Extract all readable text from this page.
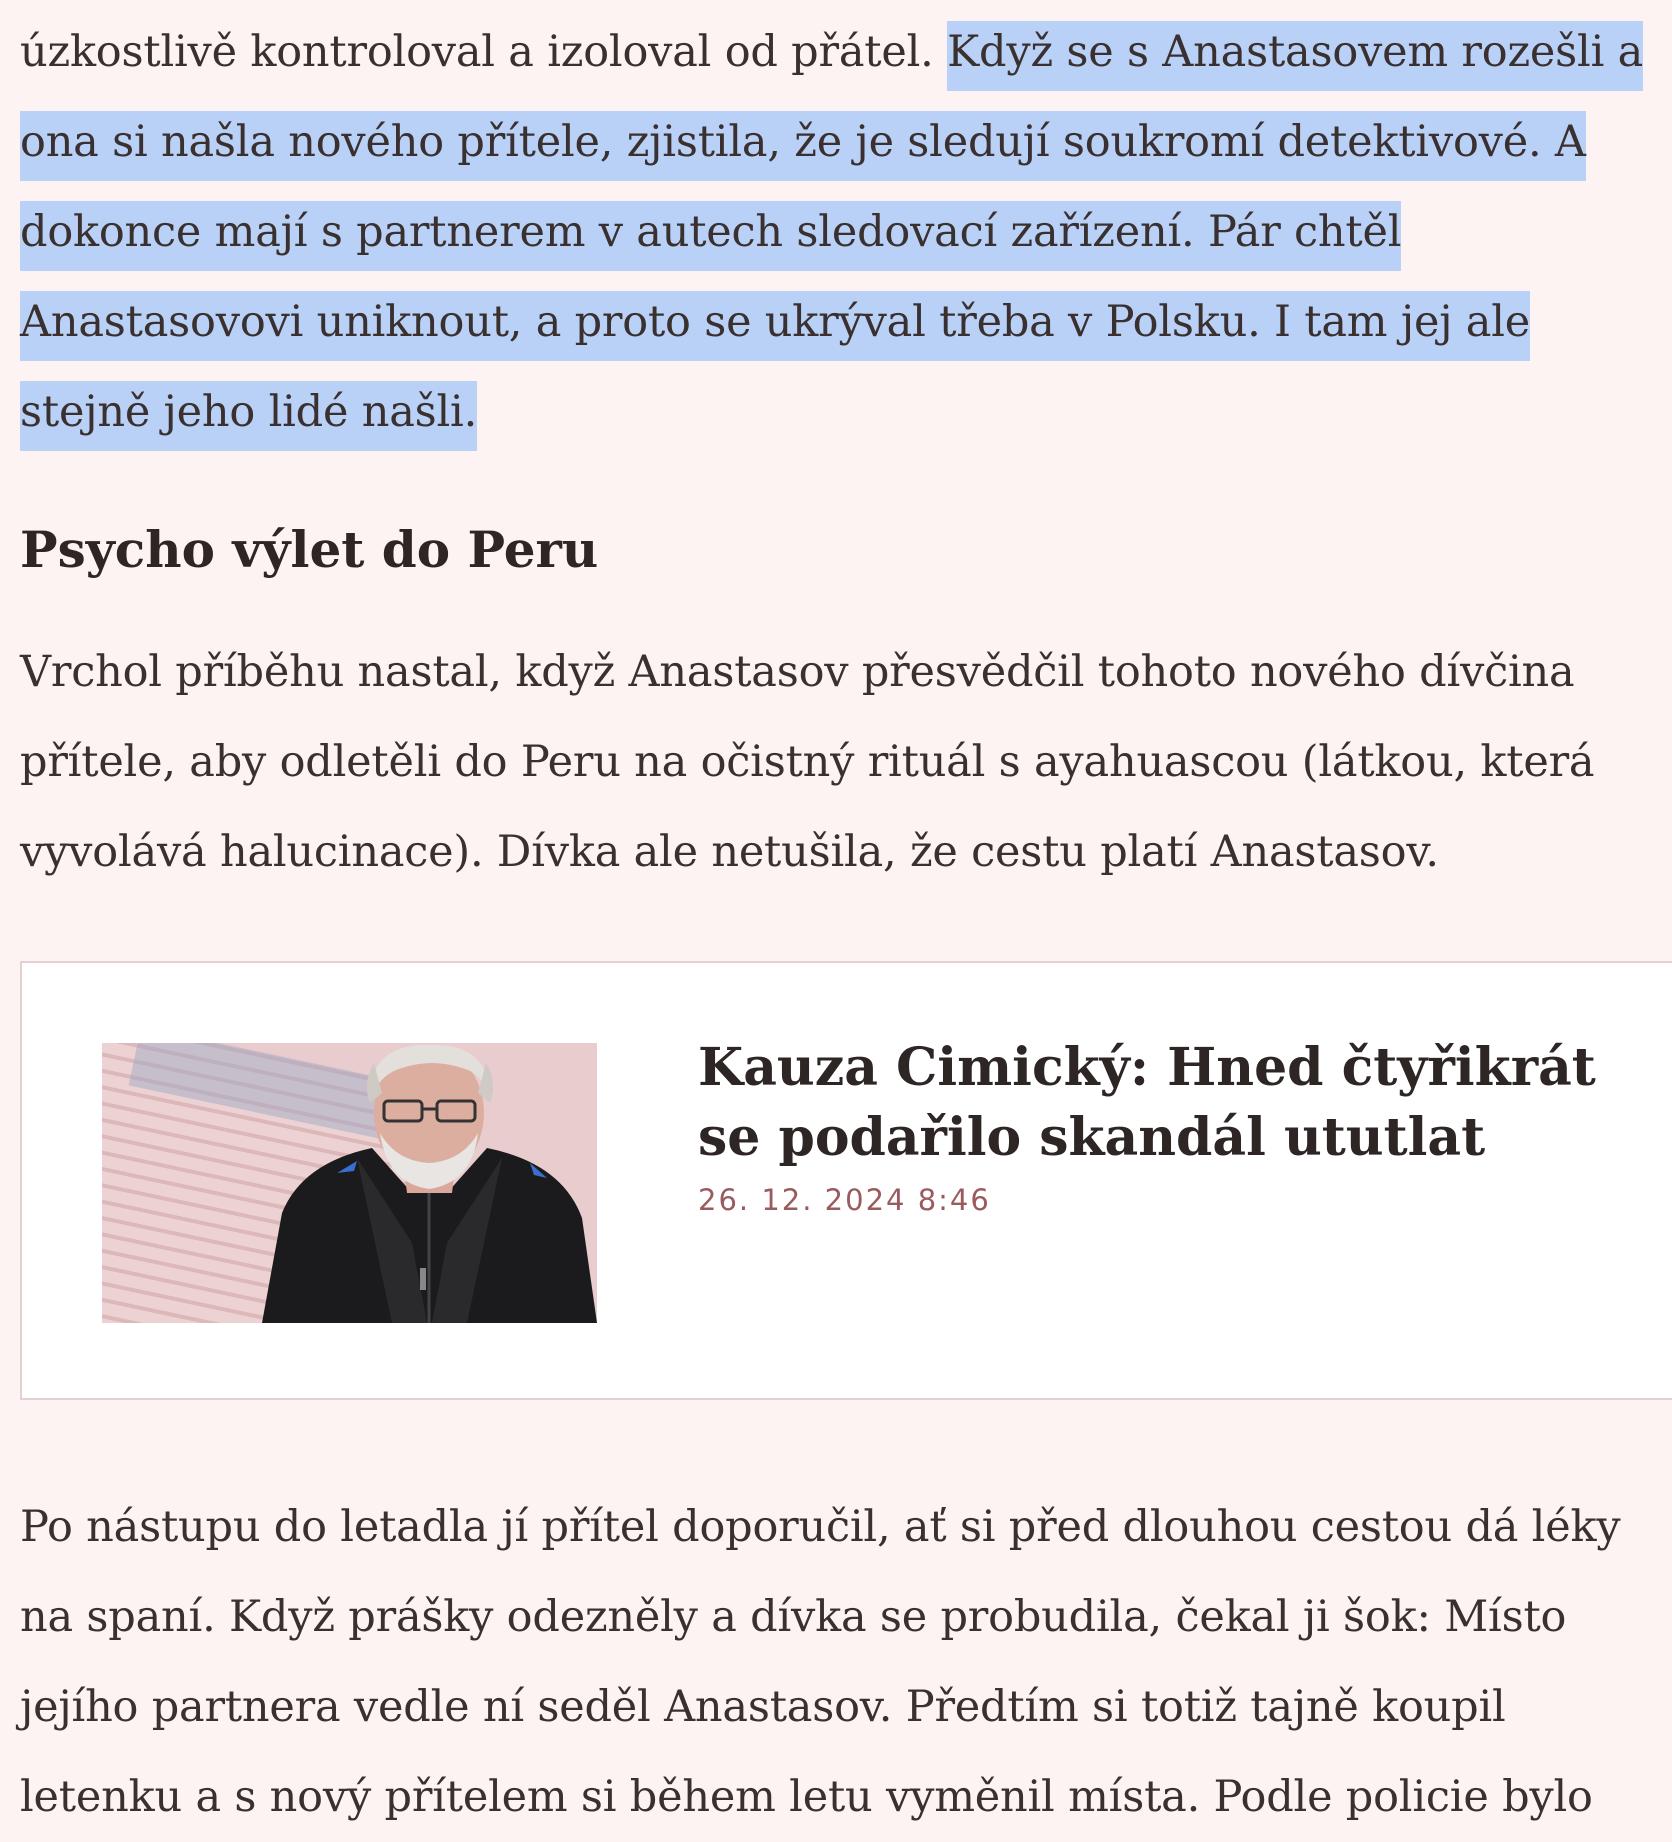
úzkostlivě kontroloval a izoloval od přátel. Když se s Anastasovem rozešli a ona si našla nového přítele, zjistila, že je sledují soukromí detektivové. A dokonce mají s partnerem v autech sledovací zařízení. Pár chtěl Anastasovovi uniknout, a proto se ukrýval třeba v Polsku. I tam jej ale stejně jeho lidé našli.

Psycho výlet do Peru

Vrchol příběhu nastal, když Anastasov přesvědčil tohoto nového dívčina přítele, aby odletěli do Peru na očistný rituál s ayahuascou (látkou, která vyvolává halucinace). Dívka ale netušila, že cestu platí Anastasov.

Kauza Cimický: Hned čtyřikrát se podařilo skandál ututlat

26. 12. 2024 8:46

Po nástupu do letadla jí přítel doporučil, ať si před dlouhou cestou dá léky na spaní. Když prášky odezněly a dívka se probudila, čekal ji šok: Místo jejího partnera vedle ní seděl Anastasov. Předtím si totiž tajně koupil letenku a s nový přítelem si během letu vyměnil místa. Podle policie bylo
